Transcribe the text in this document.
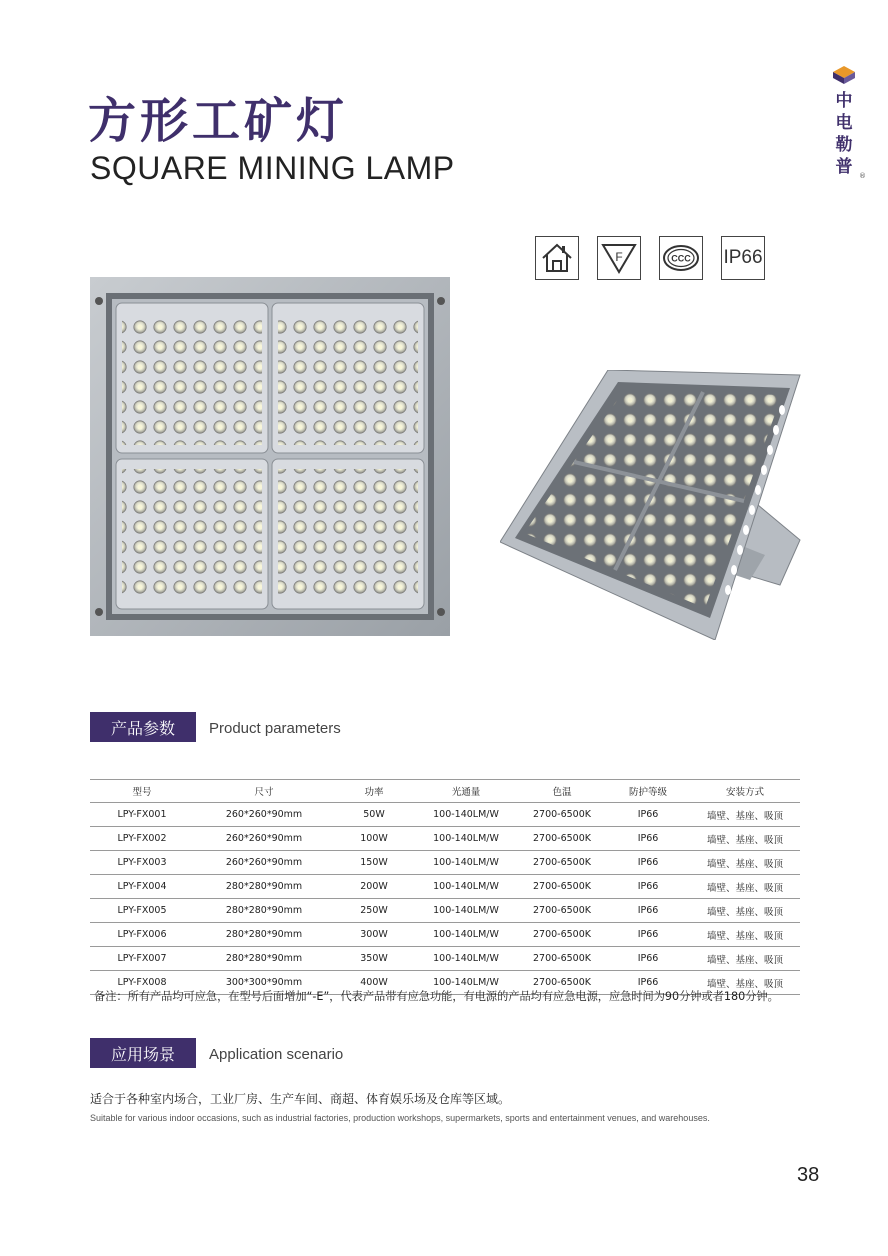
方形工矿灯
SQUARE MINING LAMP
中
电
勒
普 ®
F	CCC IP66
产品参数	Product parameters
型号	尺寸	功率	光通量	色温	防护等级	安装方式
LPY-FX001	260*260*90mm	50W	100-140LM/W	2700-6500K	IP66	墙壁、基座、吸顶
LPY-FX002	260*260*90mm	100W	100-140LM/W	2700-6500K	IP66	墙壁、基座、吸顶
LPY-FX003	260*260*90mm	150W	100-140LM/W	2700-6500K	IP66	墙壁、基座、吸顶
LPY-FX004	280*280*90mm	200W	100-140LM/W	2700-6500K	IP66	墙壁、基座、吸顶
LPY-FX005	280*280*90mm	250W	100-140LM/W	2700-6500K	IP66	墙壁、基座、吸顶
LPY-FX006	280*280*90mm	300W	100-140LM/W	2700-6500K	IP66	墙壁、基座、吸顶
LPY-FX007	280*280*90mm	350W	100-140LM/W	2700-6500K	IP66	墙壁、基座、吸顶
LPY-FX008	300*300*90mm	400W	100-140LM/W	2700-6500K	IP66	墙壁、基座、吸顶
备注：所有产品均可应急，在型号后面增加“-E”，代表产品带有应急功能，有电源的产品均有应急电源，应急时间为90分钟或者180分钟。
应用场景	Application scenario
适合于各种室内场合，工业厂房、生产车间、商超、体育娱乐场及仓库等区域。
Suitable for various indoor occasions, such as industrial factories, production workshops, supermarkets, sports and entertainment venues, and warehouses.
38
